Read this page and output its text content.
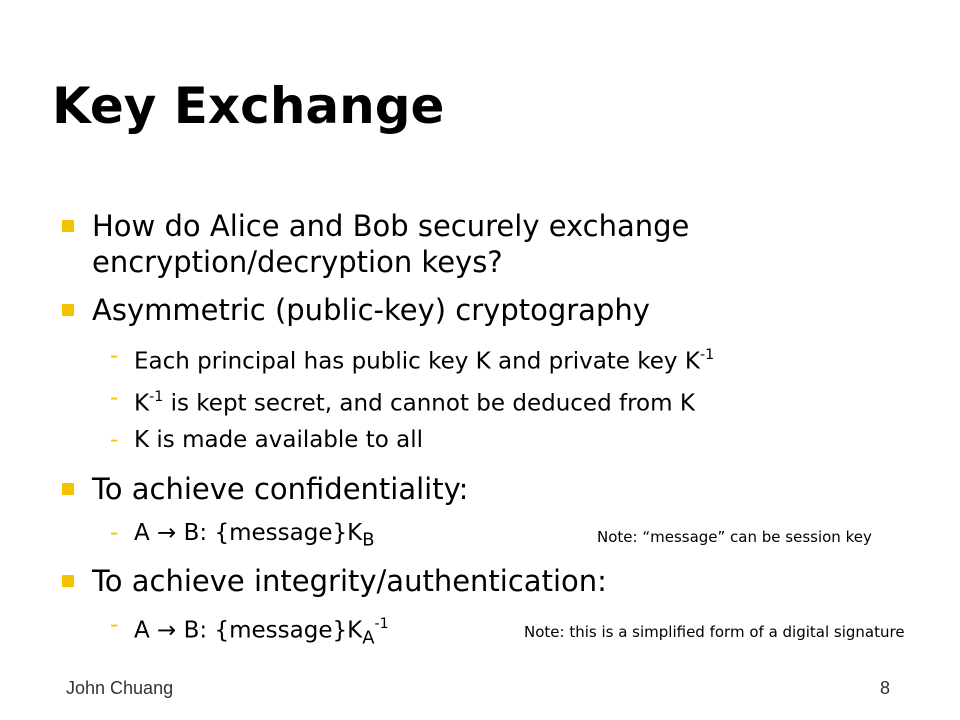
Key Exchange
How do Alice and Bob securely exchange
encryption/decryption keys?
Asymmetric (public-key) cryptography
- Each principal has public key K and private key $K^{-1}$
- $K^{-1}$ is kept secret, and cannot be deduced from K
- K is made available to all
To achieve confidentiality:
- A → B: $\{message\}K_B$	Note: “message” can be session key
To achieve integrity/authentication:
- A → B: $\{message\}K_A^{-1}$	Note: this is a simplified form of a digital signature
John Chuang	8
